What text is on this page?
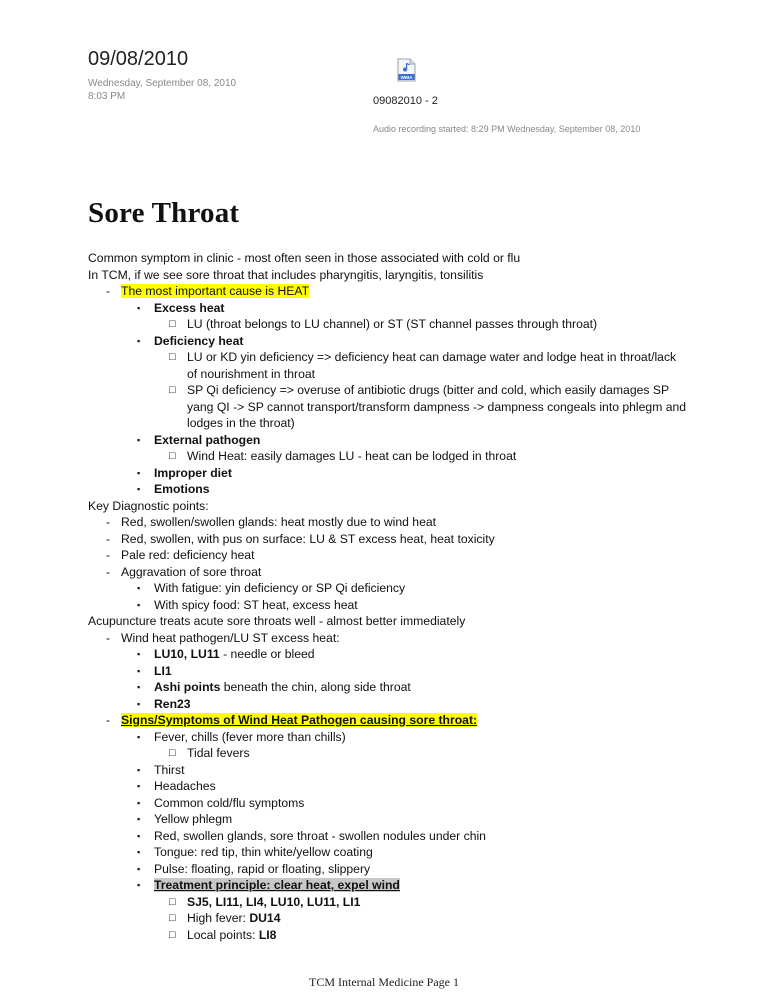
09/08/2010
Wednesday, September 08, 2010
8:03 PM
WMA
09082010 - 2
Audio recording started: 8:29 PM Wednesday, September 08, 2010
Sore Throat
Common symptom in clinic - most often seen in those associated with cold or flu
In TCM, if we see sore throat that includes pharyngitis, laryngitis, tonsilitis
- The most important cause is HEAT
▪ Excess heat
□ LU (throat belongs to LU channel) or ST (ST channel passes through throat)
▪ Deficiency heat
□ LU or KD yin deficiency => deficiency heat can damage water and lodge heat in throat/lack of nourishment in throat
□ SP Qi deficiency => overuse of antibiotic drugs (bitter and cold, which easily damages SP yang QI -> SP cannot transport/transform dampness -> dampness congeals into phlegm and lodges in the throat)
▪ External pathogen
□ Wind Heat: easily damages LU - heat can be lodged in throat
▪ Improper diet
▪ Emotions
Key Diagnostic points:
- Red, swollen/swollen glands: heat mostly due to wind heat
- Red, swollen, with pus on surface: LU & ST excess heat, heat toxicity
- Pale red: deficiency heat
- Aggravation of sore throat
▪ With fatigue: yin deficiency or SP Qi deficiency
▪ With spicy food: ST heat, excess heat
Acupuncture treats acute sore throats well - almost better immediately
- Wind heat pathogen/LU ST excess heat:
▪ LU10, LU11 - needle or bleed
▪ LI1
▪ Ashi points beneath the chin, along side throat
▪ Ren23
- Signs/Symptoms of Wind Heat Pathogen causing sore throat:
▪ Fever, chills (fever more than chills)
□ Tidal fevers
▪ Thirst
▪ Headaches
▪ Common cold/flu symptoms
▪ Yellow phlegm
▪ Red, swollen glands, sore throat - swollen nodules under chin
▪ Tongue: red tip, thin white/yellow coating
▪ Pulse: floating, rapid or floating, slippery
▪ Treatment principle: clear heat, expel wind
□ SJ5, LI11, LI4, LU10, LU11, LI1
□ High fever: DU14
□ Local points: LI8
TCM Internal Medicine Page 1
